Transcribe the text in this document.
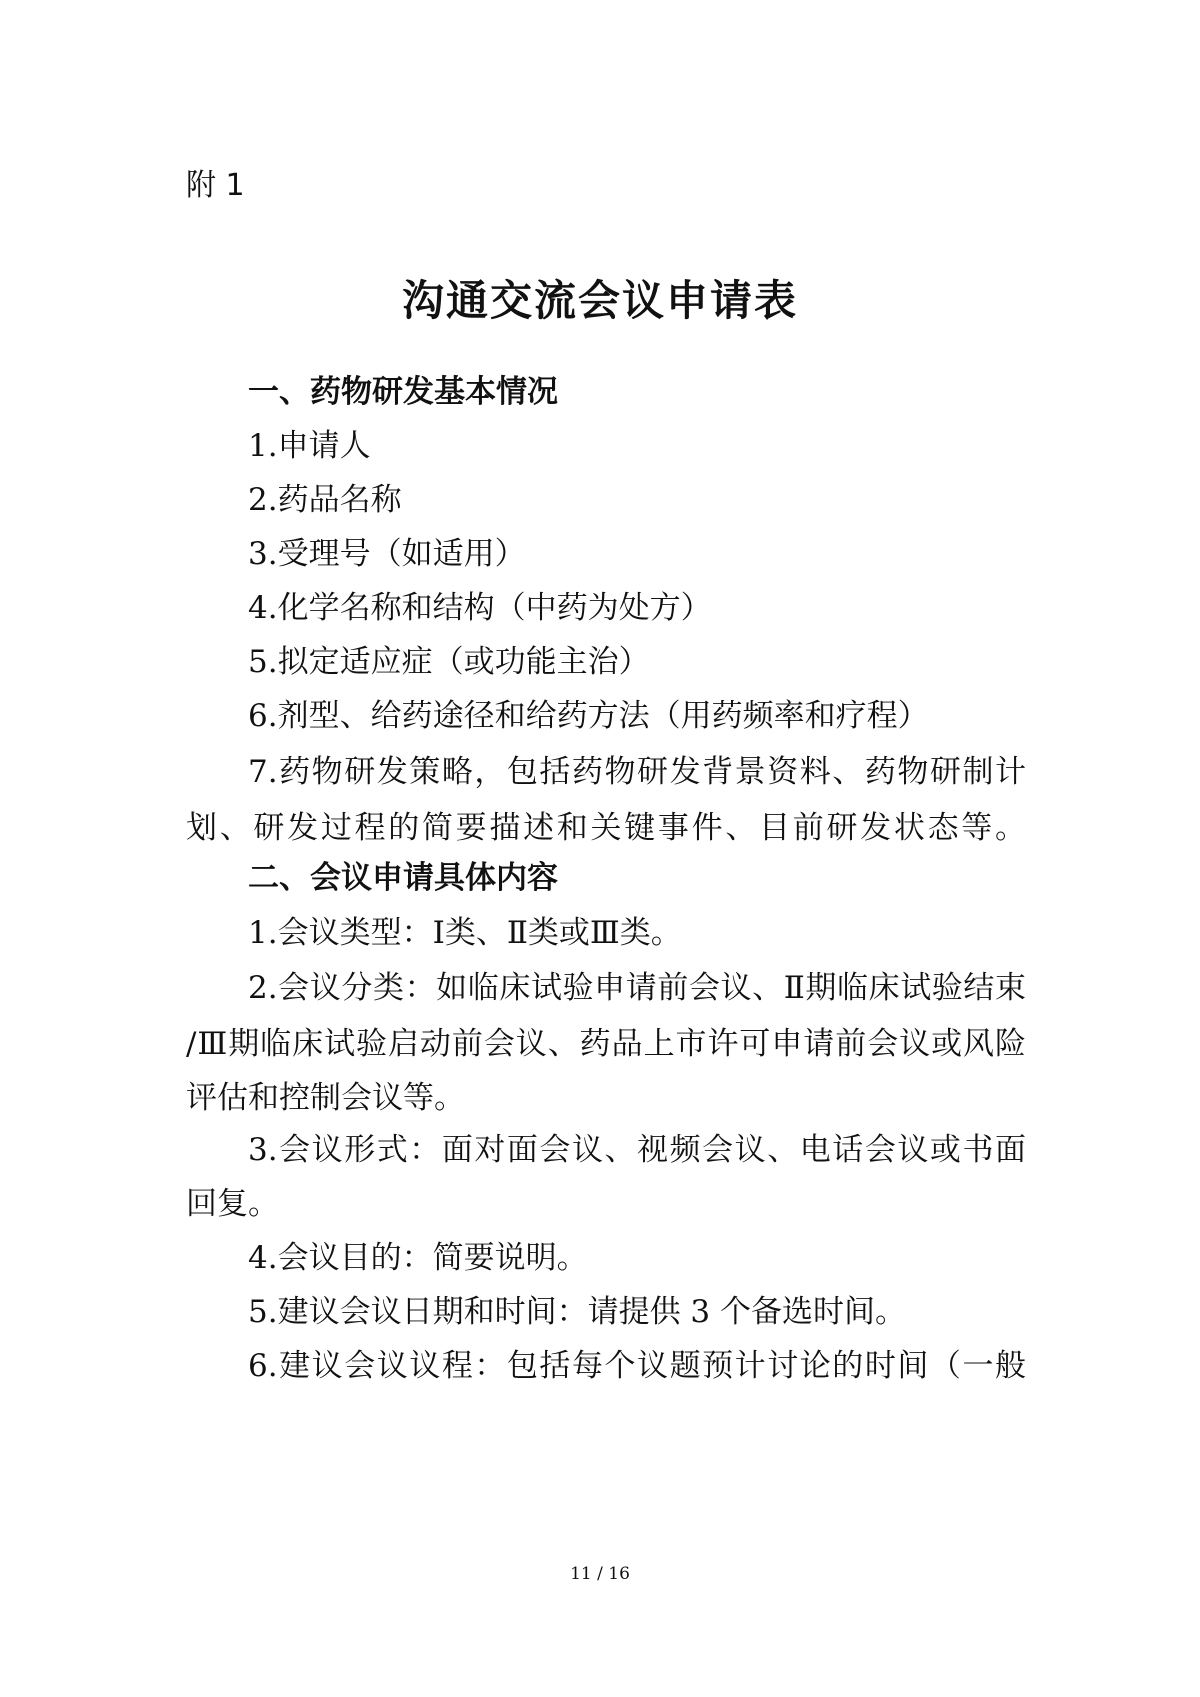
附 1
沟通交流会议申请表
一、药物研发基本情况
1.申请人
2.药品名称
3.受理号（如适用）
4.化学名称和结构（中药为处方）
5.拟定适应症（或功能主治）
6.剂型、给药途径和给药方法（用药频率和疗程）
7.药物研发策略，包括药物研发背景资料、药物研制计
划、研发过程的简要描述和关键事件、目前研发状态等。
二、会议申请具体内容
1.会议类型：Ⅰ类、Ⅱ类或Ⅲ类。
2.会议分类：如临床试验申请前会议、Ⅱ期临床试验结束
/Ⅲ期临床试验启动前会议、药品上市许可申请前会议或风险
评估和控制会议等。
3.会议形式：面对面会议、视频会议、电话会议或书面
回复。
4.会议目的：简要说明。
5.建议会议日期和时间：请提供 3 个备选时间。
6.建议会议议程：包括每个议题预计讨论的时间（一般
11 / 16
